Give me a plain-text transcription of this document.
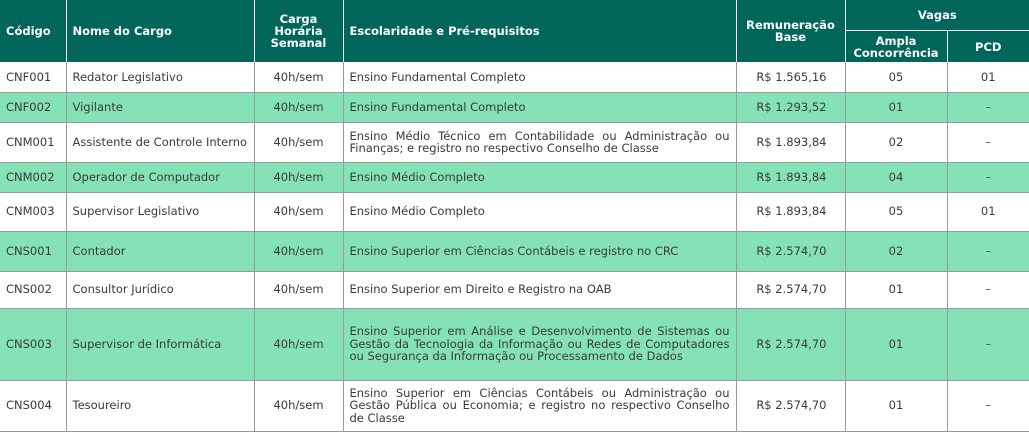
Código	Nome do Cargo	Carga Horária Semanal	Escolaridade e Pré-requisitos	Remuneração Base	Vagas	
					Ampla Concorrência	PCD
CNF001	Redator Legislativo	40h/sem	Ensino Fundamental Completo	R$ 1.565,16	05	01
CNF002	Vigilante	40h/sem	Ensino Fundamental Completo	R$ 1.293,52	01	–
CNM001	Assistente de Controle Interno	40h/sem	Ensino Médio Técnico em Contabilidade ou Administração ou Finanças; e registro no respectivo Conselho de Classe	R$ 1.893,84	02	–
CNM002	Operador de Computador	40h/sem	Ensino Médio Completo	R$ 1.893,84	04	–
CNM003	Supervisor Legislativo	40h/sem	Ensino Médio Completo	R$ 1.893,84	05	01
CNS001	Contador	40h/sem	Ensino Superior em Ciências Contábeis e registro no CRC	R$ 2.574,70	02	–
CNS002	Consultor Jurídico	40h/sem	Ensino Superior em Direito e Registro na OAB	R$ 2.574,70	01	–
CNS003	Supervisor de Informática	40h/sem	Ensino Superior em Análise e Desenvolvimento de Sistemas ou Gestão da Tecnologia da Informação ou Redes de Computadores ou Segurança da Informação ou Processamento de Dados	R$ 2.574,70	01	–
CNS004	Tesoureiro	40h/sem	Ensino Superior em Ciências Contábeis ou Administração ou Gestão Pública ou Economia; e registro no respectivo Conselho de Classe	R$ 2.574,70	01	–
